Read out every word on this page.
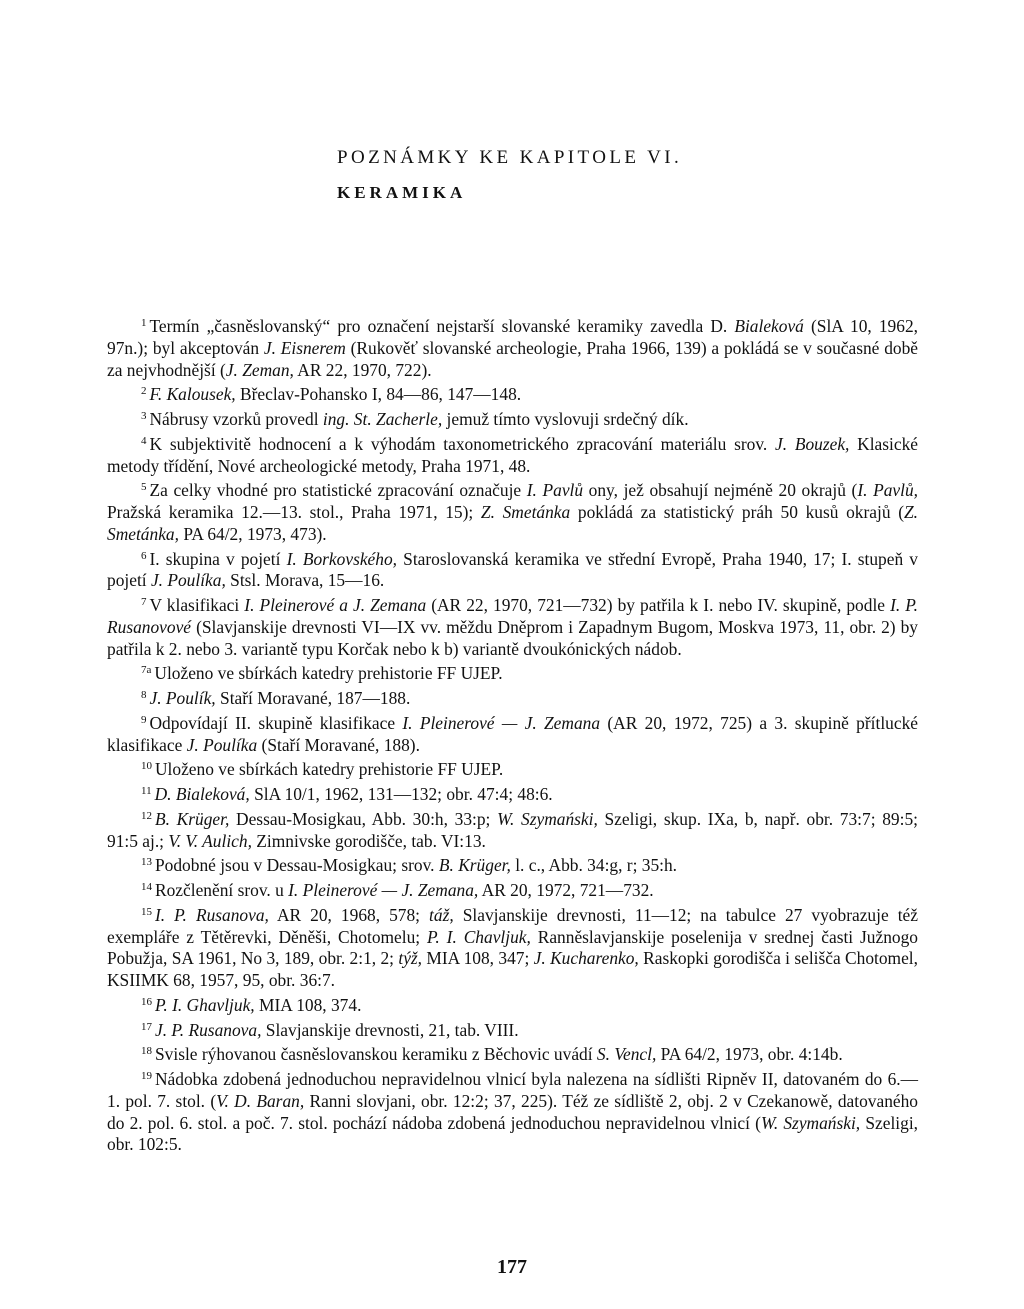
POZNÁMKY KE KAPITOLE VI.
KERAMIKA

$^1$ Termín „časněslovanský“ pro označení nejstarší slovanské keramiky zavedla D. Bialeková (SlA 10, 1962, 97n.); byl akceptován J. Eisnerem (Rukověť slovanské archeologie, Praha 1966, 139) a pokládá se v současné době za nejvhodnější (J. Zeman, AR 22, 1970, 722).

$^2$ F. Kalousek, Břeclav-Pohansko I, 84—86, 147—148.

$^3$ Nábrusy vzorků provedl ing. St. Zacherle, jemuž tímto vyslovuji srdečný dík.

$^4$ K subjektivitě hodnocení a k výhodám taxonometrického zpracování materiálu srov. J. Bouzek, Klasické metody třídění, Nové archeologické metody, Praha 1971, 48.

$^5$ Za celky vhodné pro statistické zpracování označuje I. Pavlů ony, jež obsahují nejméně 20 okrajů (I. Pavlů, Pražská keramika 12.—13. stol., Praha 1971, 15); Z. Smetánka pokládá za statistický práh 50 kusů okrajů (Z. Smetánka, PA 64/2, 1973, 473).

$^6$ I. skupina v pojetí I. Borkovského, Staroslovanská keramika ve střední Evropě, Praha 1940, 17; I. stupeň v pojetí J. Poulíka, Stsl. Morava, 15—16.

$^7$ V klasifikaci I. Pleinerové a J. Zemana (AR 22, 1970, 721—732) by patřila k I. nebo IV. skupině, podle I. P. Rusanovové (Slavjanskije drevnosti VI—IX vv. měždu Dněprom i Zapadnym Bugom, Moskva 1973, 11, obr. 2) by patřila k 2. nebo 3. variantě typu Korčak nebo k b) variantě dvoukónických nádob.

$^{7a}$ Uloženo ve sbírkách katedry prehistorie FF UJEP.

$^8$ J. Poulík, Staří Moravané, 187—188.

$^9$ Odpovídají II. skupině klasifikace I. Pleinerové — J. Zemana (AR 20, 1972, 725) a 3. skupině přítlucké klasifikace J. Poulíka (Staří Moravané, 188).

$^{10}$ Uloženo ve sbírkách katedry prehistorie FF UJEP.

$^{11}$ D. Bialeková, SlA 10/1, 1962, 131—132; obr. 47:4; 48:6.

$^{12}$ B. Krüger, Dessau-Mosigkau, Abb. 30:h, 33:p; W. Szymański, Szeligi, skup. IXa, b, např. obr. 73:7; 89:5; 91:5 aj.; V. V. Aulich, Zimnivske gorodišče, tab. VI:13.

$^{13}$ Podobné jsou v Dessau-Mosigkau; srov. B. Krüger, l. c., Abb. 34:g, r; 35:h.

$^{14}$ Rozčlenění srov. u I. Pleinerové — J. Zemana, AR 20, 1972, 721—732.

$^{15}$ I. P. Rusanova, AR 20, 1968, 578; táž, Slavjanskije drevnosti, 11—12; na tabulce 27 vyobrazuje též exempláře z Tětěrevki, Děněši, Chotomelu; P. I. Chavljuk, Ranněslavjanskije poselenija v srednej časti Južnogo Pobužja, SA 1961, No 3, 189, obr. 2:1, 2; týž, MIA 108, 347; J. Kucharenko, Raskopki gorodišča i selišča Chotomel, KSIIMK 68, 1957, 95, obr. 36:7.

$^{16}$ P. I. Ghavljuk, MIA 108, 374.

$^{17}$ J. P. Rusanova, Slavjanskije drevnosti, 21, tab. VIII.

$^{18}$ Svisle rýhovanou časněslovanskou keramiku z Běchovic uvádí S. Vencl, PA 64/2, 1973, obr. 4:14b.

$^{19}$ Nádobka zdobená jednoduchou nepravidelnou vlnicí byla nalezena na sídlišti Ripněv II, datovaném do 6.—1. pol. 7. stol. (V. D. Baran, Ranni slovjani, obr. 12:2; 37, 225). Též ze sídliště 2, obj. 2 v Czekanowě, datovaného do 2. pol. 6. stol. a poč. 7. stol. pochází nádoba zdobená jednoduchou nepravidelnou vlnicí (W. Szymański, Szeligi, obr. 102:5.

177
